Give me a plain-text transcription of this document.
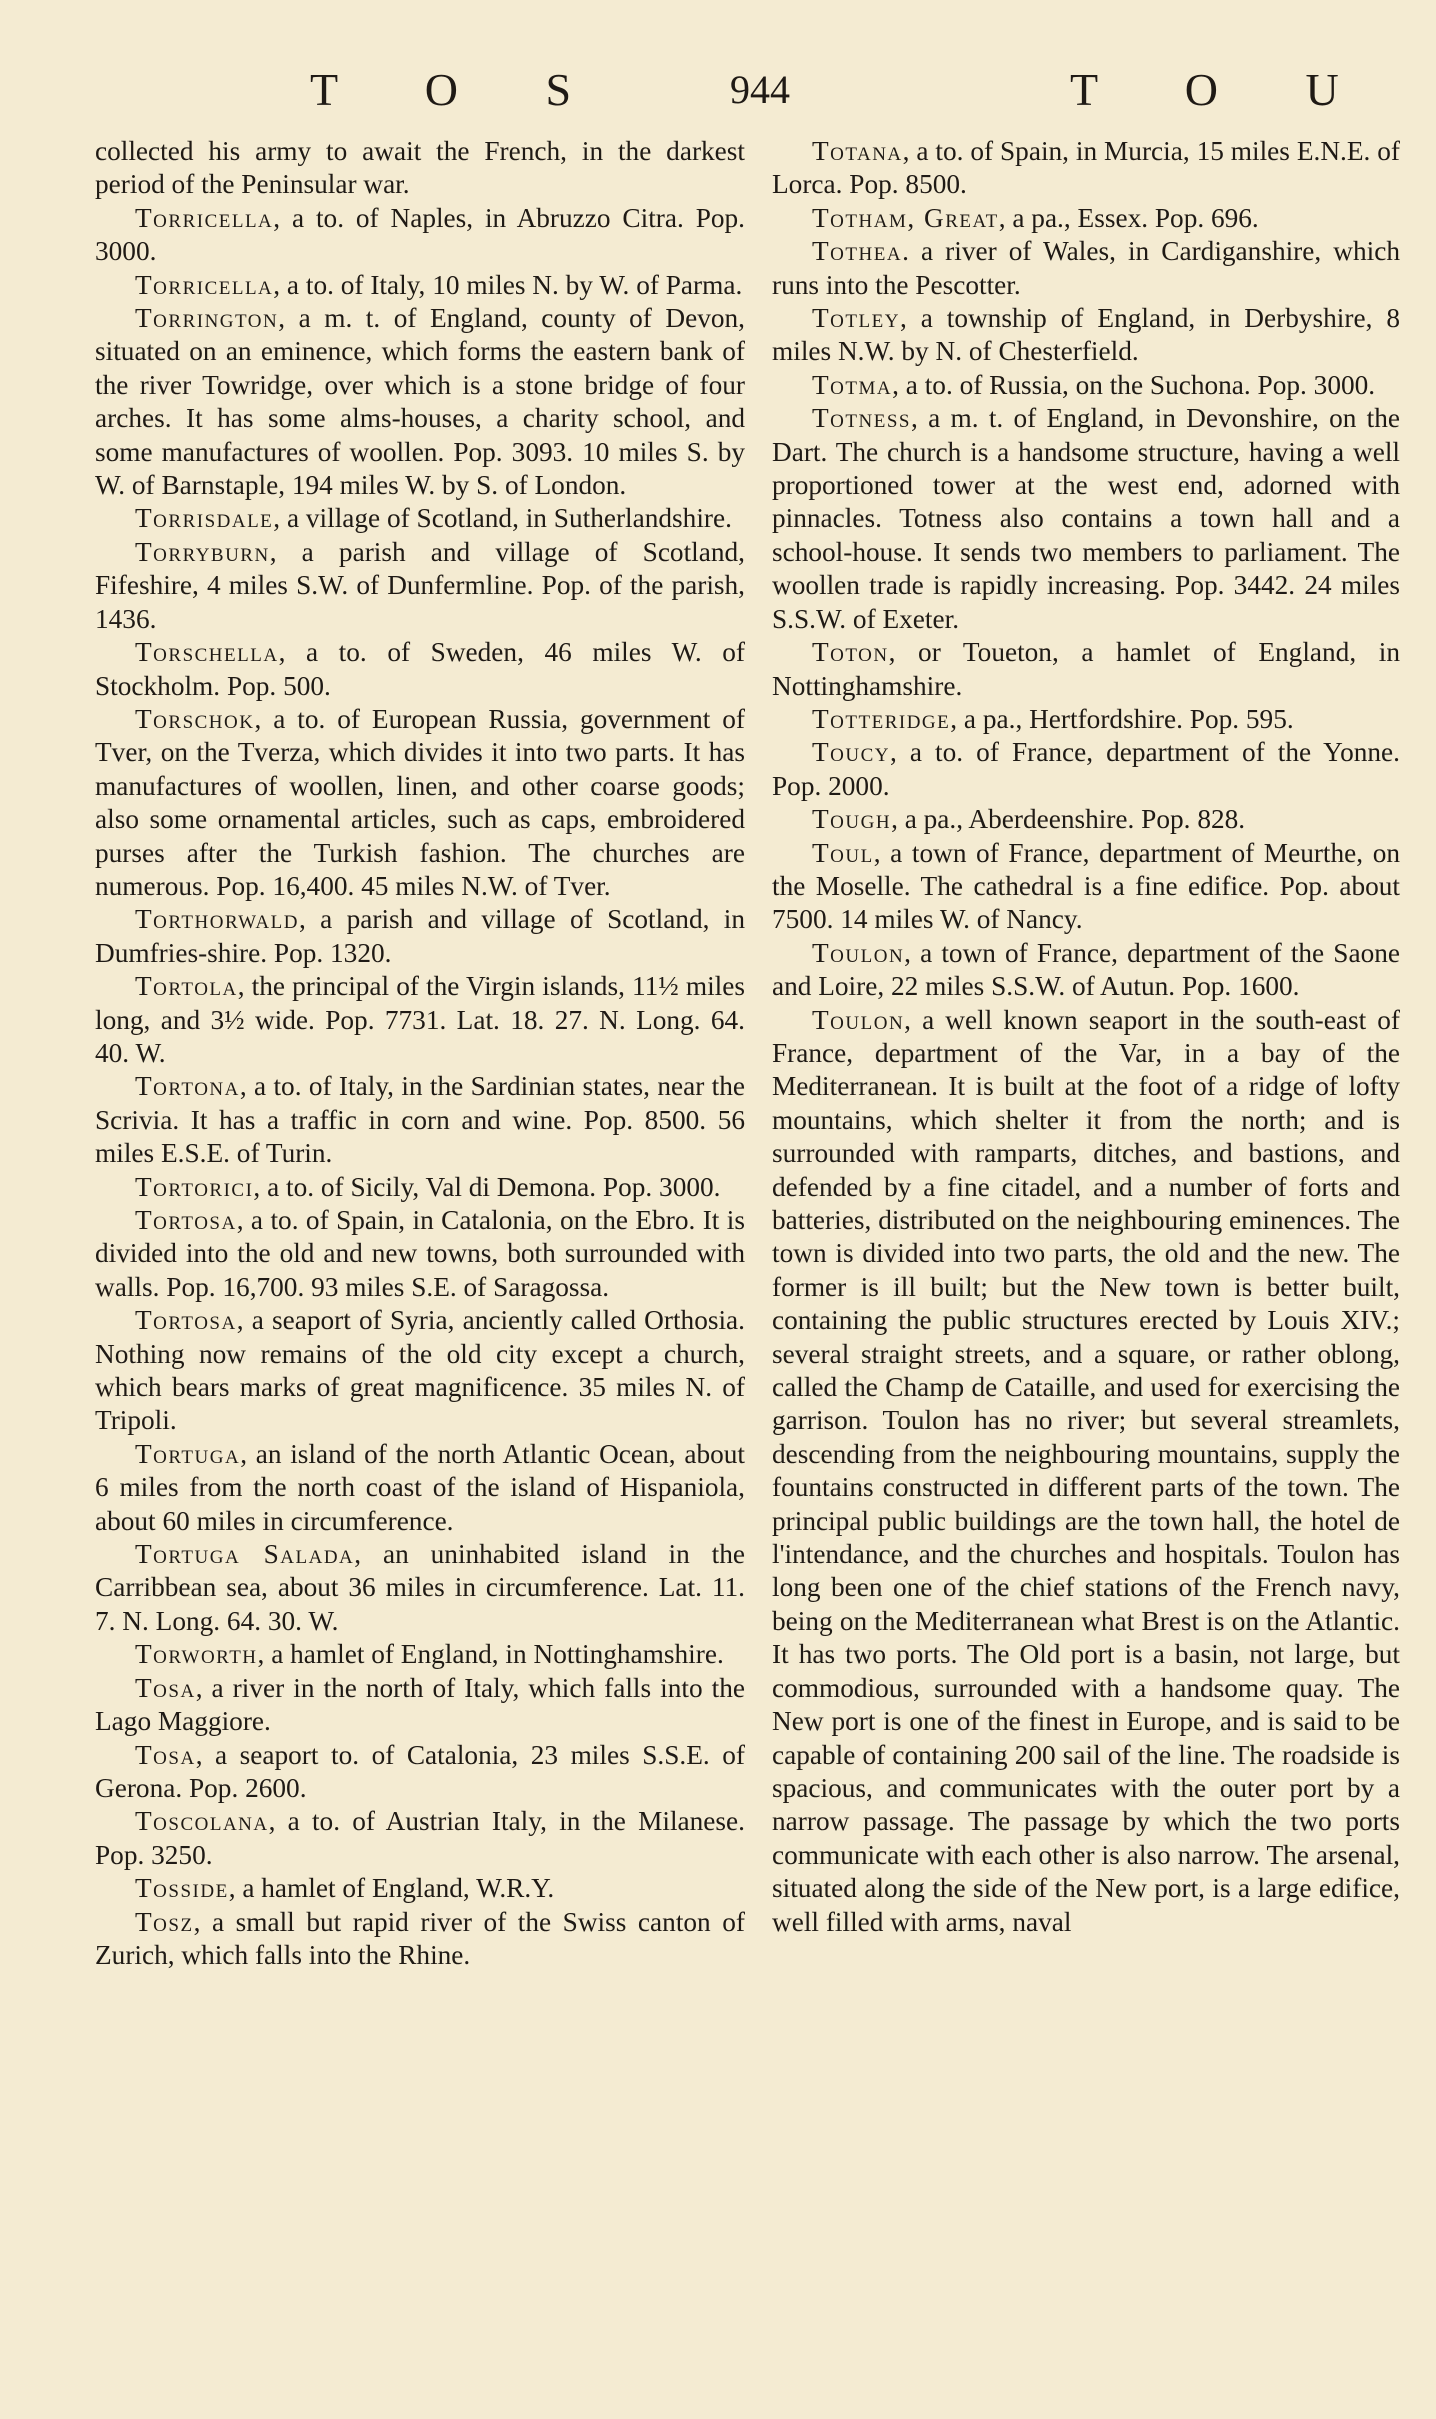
T O S	944	T O U

collected his army to await the French, in the darkest period of the Peninsular war.

Torricella, a to. of Naples, in Abruzzo Citra. Pop. 3000.

Torricella, a to. of Italy, 10 miles N. by W. of Parma.

Torrington, a m. t. of England, county of Devon, situated on an eminence, which forms the eastern bank of the river Towridge, over which is a stone bridge of four arches. It has some alms-houses, a charity school, and some manufactures of woollen. Pop. 3093. 10 miles S. by W. of Barnstaple, 194 miles W. by S. of London.

Torrisdale, a village of Scotland, in Sutherlandshire.

Torryburn, a parish and village of Scotland, Fifeshire, 4 miles S.W. of Dunfermline. Pop. of the parish, 1436.

Torschella, a to. of Sweden, 46 miles W. of Stockholm. Pop. 500.

Torschok, a to. of European Russia, government of Tver, on the Tverza, which divides it into two parts. It has manufactures of woollen, linen, and other coarse goods; also some ornamental articles, such as caps, embroidered purses after the Turkish fashion. The churches are numerous. Pop. 16,400. 45 miles N.W. of Tver.

Torthorwald, a parish and village of Scotland, in Dumfries-shire. Pop. 1320.

Tortola, the principal of the Virgin islands, 11½ miles long, and 3½ wide. Pop. 7731. Lat. 18. 27. N. Long. 64. 40. W.

Tortona, a to. of Italy, in the Sardinian states, near the Scrivia. It has a traffic in corn and wine. Pop. 8500. 56 miles E.S.E. of Turin.

Tortorici, a to. of Sicily, Val di Demona. Pop. 3000.

Tortosa, a to. of Spain, in Catalonia, on the Ebro. It is divided into the old and new towns, both surrounded with walls. Pop. 16,700. 93 miles S.E. of Saragossa.

Tortosa, a seaport of Syria, anciently called Orthosia. Nothing now remains of the old city except a church, which bears marks of great magnificence. 35 miles N. of Tripoli.

Tortuga, an island of the north Atlantic Ocean, about 6 miles from the north coast of the island of Hispaniola, about 60 miles in circumference.

Tortuga Salada, an uninhabited island in the Carribbean sea, about 36 miles in circumference. Lat. 11. 7. N. Long. 64. 30. W.

Torworth, a hamlet of England, in Nottinghamshire.

Tosa, a river in the north of Italy, which falls into the Lago Maggiore.

Tosa, a seaport to. of Catalonia, 23 miles S.S.E. of Gerona. Pop. 2600.

Toscolana, a to. of Austrian Italy, in the Milanese. Pop. 3250.

Tosside, a hamlet of England, W.R.Y.

Tosz, a small but rapid river of the Swiss canton of Zurich, which falls into the Rhine.

Totana, a to. of Spain, in Murcia, 15 miles E.N.E. of Lorca. Pop. 8500.

Totham, Great, a pa., Essex. Pop. 696.

Tothea. a river of Wales, in Cardiganshire, which runs into the Pescotter.

Totley, a township of England, in Derbyshire, 8 miles N.W. by N. of Chesterfield.

Totma, a to. of Russia, on the Suchona. Pop. 3000.

Totness, a m. t. of England, in Devonshire, on the Dart. The church is a handsome structure, having a well proportioned tower at the west end, adorned with pinnacles. Totness also contains a town hall and a school-house. It sends two members to parliament. The woollen trade is rapidly increasing. Pop. 3442. 24 miles S.S.W. of Exeter.

Toton, or Toueton, a hamlet of England, in Nottinghamshire.

Totteridge, a pa., Hertfordshire. Pop. 595.

Toucy, a to. of France, department of the Yonne. Pop. 2000.

Tough, a pa., Aberdeenshire. Pop. 828.

Toul, a town of France, department of Meurthe, on the Moselle. The cathedral is a fine edifice. Pop. about 7500. 14 miles W. of Nancy.

Toulon, a town of France, department of the Saone and Loire, 22 miles S.S.W. of Autun. Pop. 1600.

Toulon, a well known seaport in the south-east of France, department of the Var, in a bay of the Mediterranean. It is built at the foot of a ridge of lofty mountains, which shelter it from the north; and is surrounded with ramparts, ditches, and bastions, and defended by a fine citadel, and a number of forts and batteries, distributed on the neighbouring eminences. The town is divided into two parts, the old and the new. The former is ill built; but the New town is better built, containing the public structures erected by Louis XIV.; several straight streets, and a square, or rather oblong, called the Champ de Cataille, and used for exercising the garrison. Toulon has no river; but several streamlets, descending from the neighbouring mountains, supply the fountains constructed in different parts of the town. The principal public buildings are the town hall, the hotel de l'intendance, and the churches and hospitals. Toulon has long been one of the chief stations of the French navy, being on the Mediterranean what Brest is on the Atlantic. It has two ports. The Old port is a basin, not large, but commodious, surrounded with a handsome quay. The New port is one of the finest in Europe, and is said to be capable of containing 200 sail of the line. The roadside is spacious, and communicates with the outer port by a narrow passage. The passage by which the two ports communicate with each other is also narrow. The arsenal, situated along the side of the New port, is a large edifice, well filled with arms, naval
